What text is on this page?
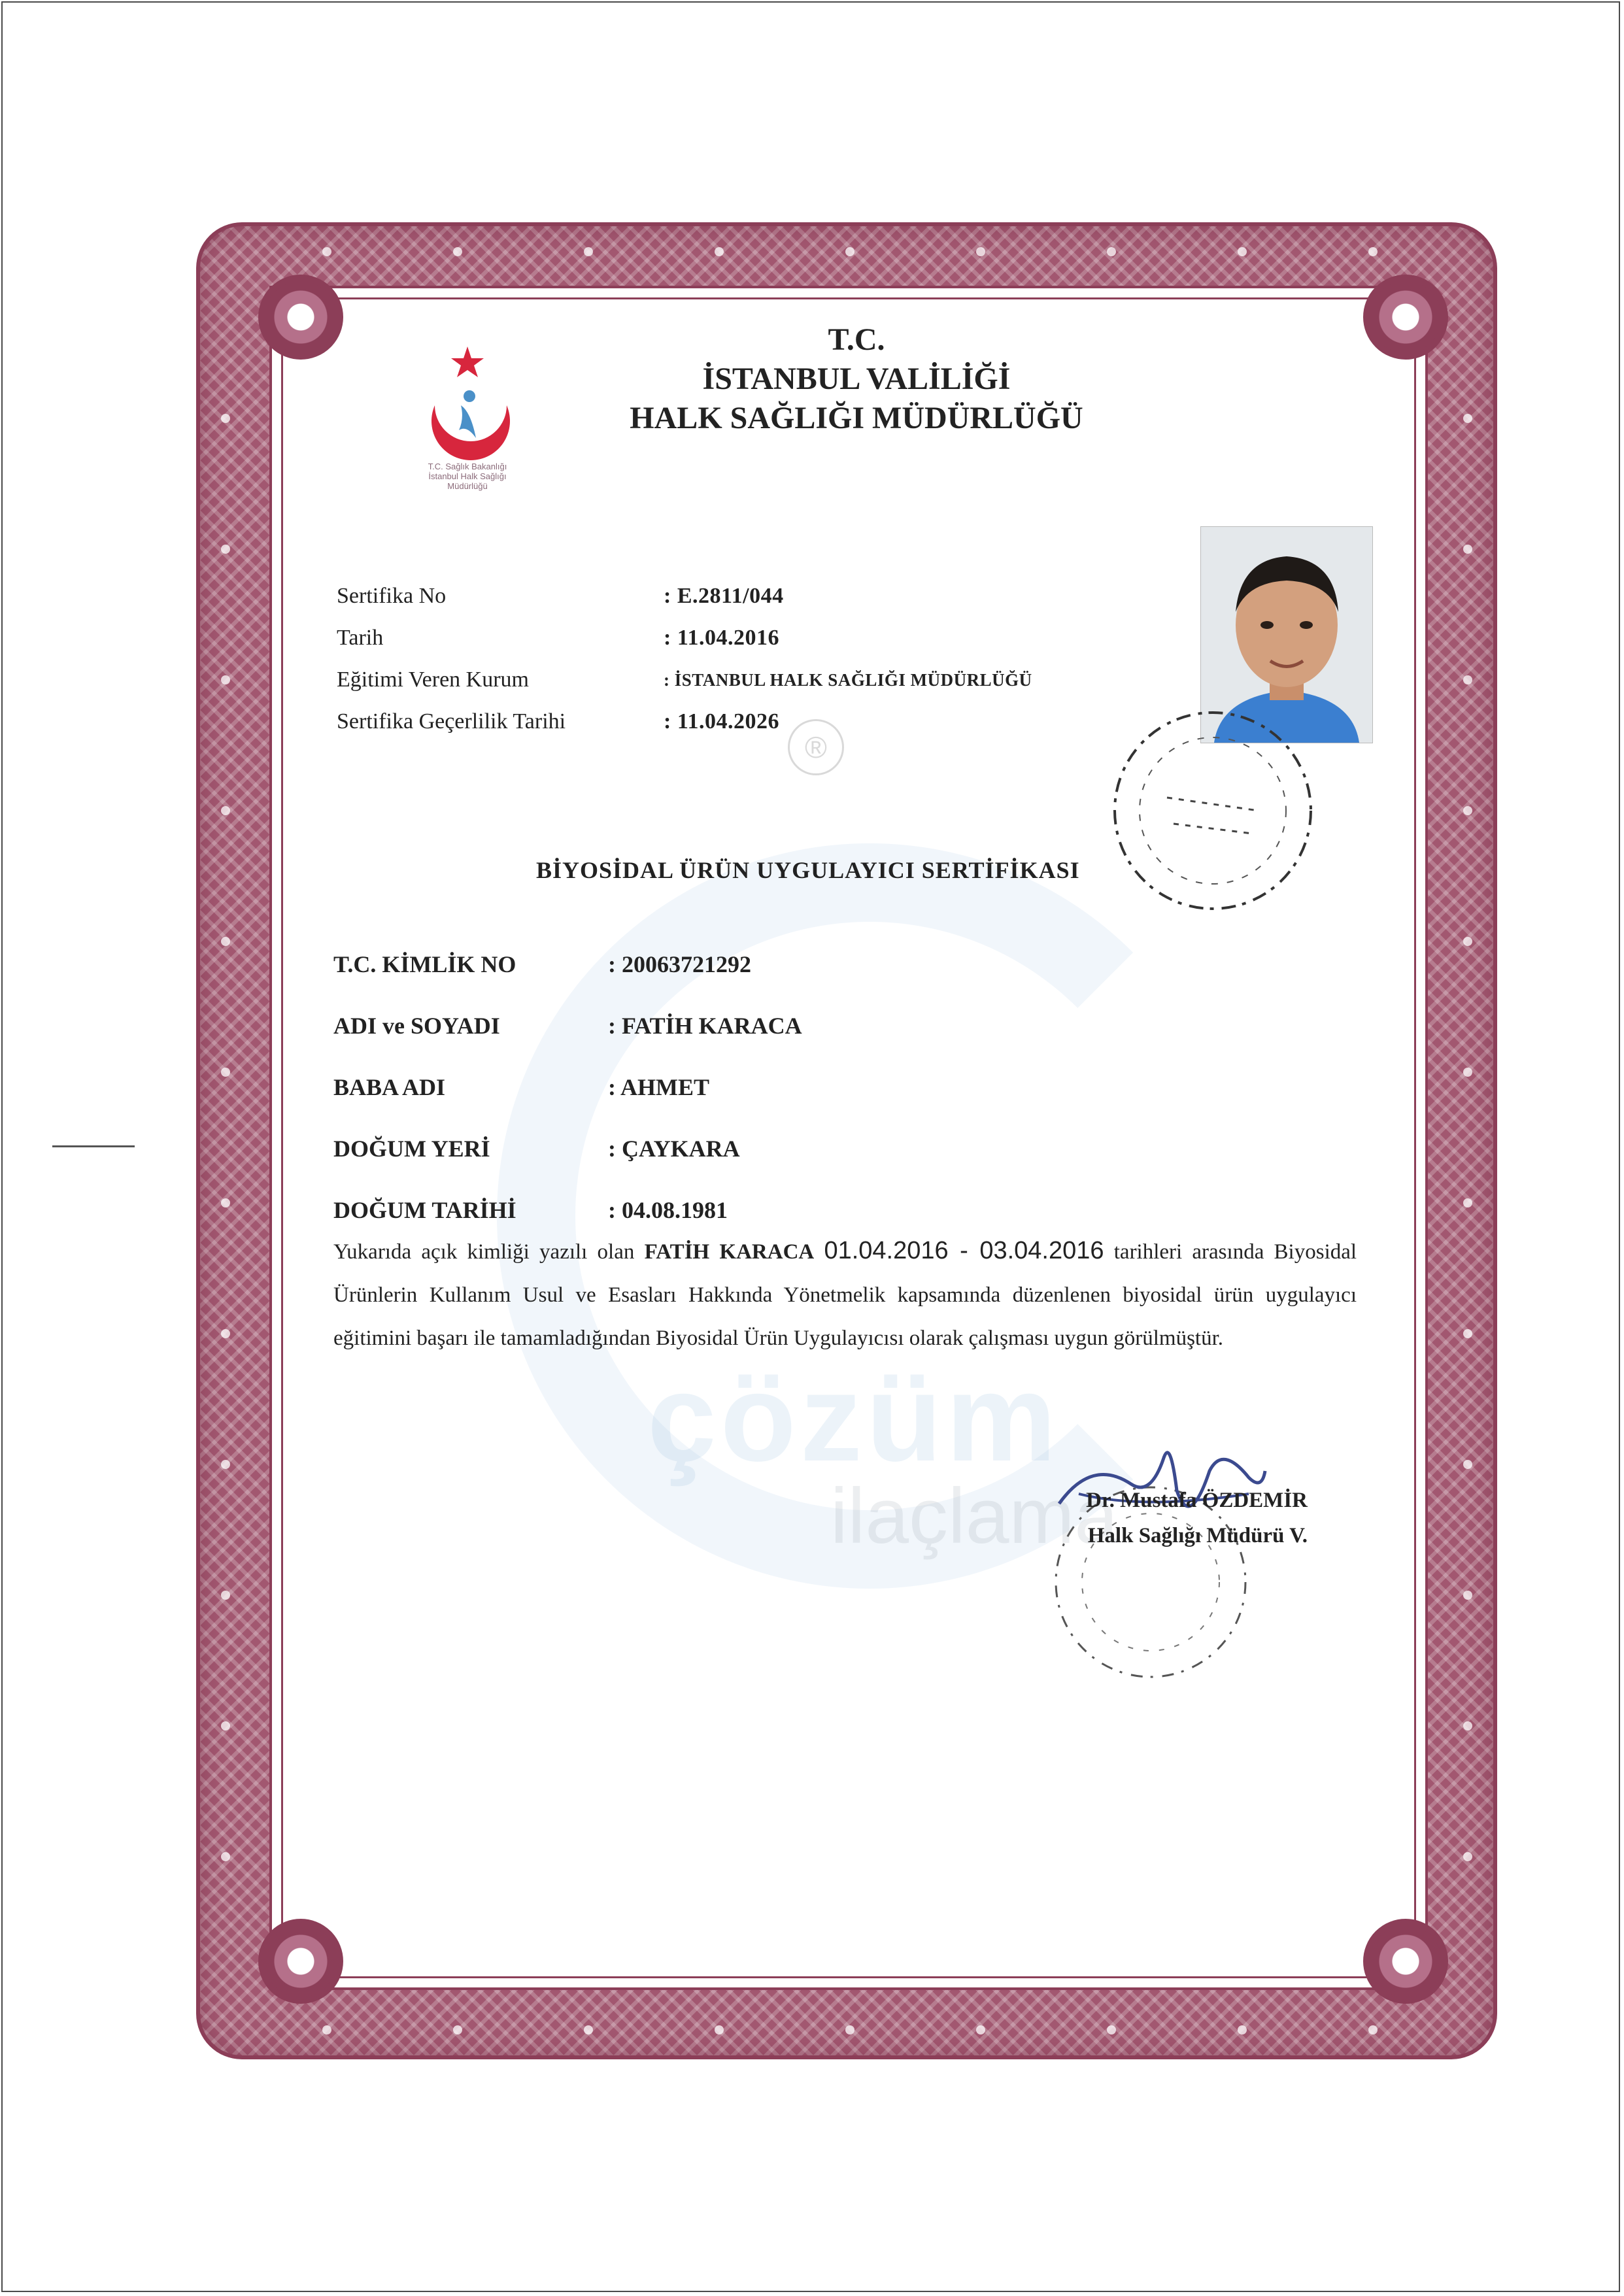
çözüm
ilaçlama
T.C. Sağlık Bakanlığı
İstanbul Halk Sağlığı
Müdürlüğü
T.C.
İSTANBUL VALİLİĞİ
HALK SAĞLIĞI MÜDÜRLÜĞÜ
Sertifika No	: E.2811/044
Tarih	: 11.04.2016
Eğitimi Veren Kurum	: İSTANBUL HALK SAĞLIĞI MÜDÜRLÜĞÜ
Sertifika Geçerlilik Tarihi	: 11.04.2026
®
BİYOSİDAL ÜRÜN UYGULAYICI SERTİFİKASI
T.C. KİMLİK NO	: 20063721292
ADI ve SOYADI	: FATİH KARACA
BABA ADI	: AHMET
DOĞUM YERİ	: ÇAYKARA
DOĞUM TARİHİ	: 04.08.1981
Yukarıda açık kimliği yazılı olan FATİH KARACA 01.04.2016 - 03.04.2016 tarihleri arasında Biyosidal Ürünlerin Kullanım Usul ve Esasları Hakkında Yönetmelik kapsamında düzenlenen biyosidal ürün uygulayıcı eğitimini başarı ile tamamladığından Biyosidal Ürün Uygulayıcısı olarak çalışması uygun görülmüştür.
Dr. Mustafa ÖZDEMİR
Halk Sağlığı Müdürü V.
